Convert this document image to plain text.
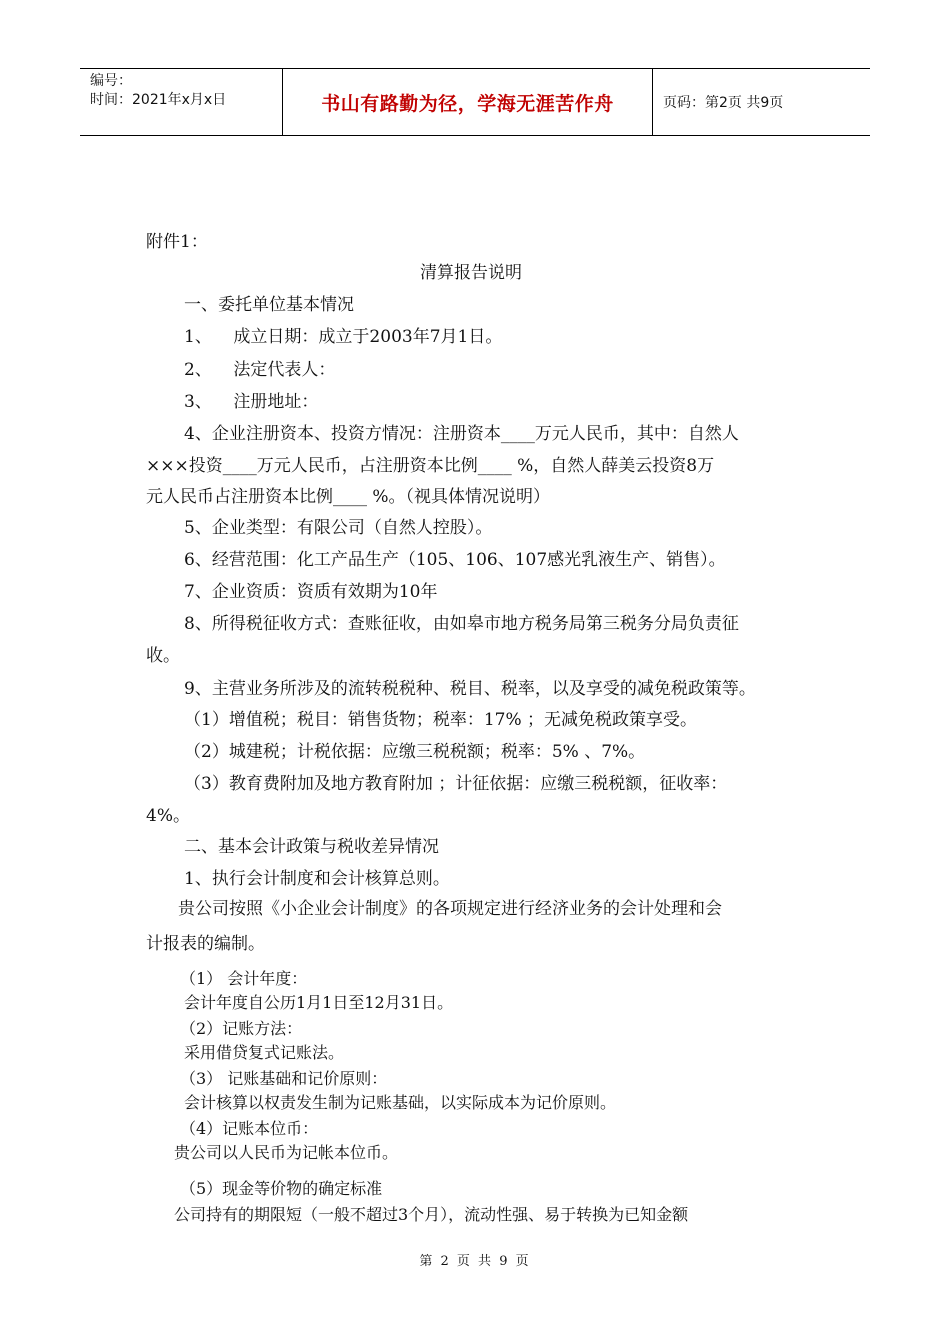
编号：
时间：2021年x月x日	书山有路勤为径，学海无涯苦作舟	页码：第2页 共9页
附件1：
清算报告说明
一、委托单位基本情况
1、    成立日期：成立于2003年7月1日。
2、    法定代表人：
3、    注册地址：
4、企业注册资本、投资方情况：注册资本____万元人民币，其中：自然人
×××投资____万元人民币，占注册资本比例____ %，自然人薛美云投资8万
元人民币占注册资本比例____ %。（视具体情况说明）
5、企业类型：有限公司（自然人控股）。
6、经营范围：化工产品生产（105、106、107感光乳液生产、销售）。
7、企业资质：资质有效期为10年
8、所得税征收方式：查账征收，由如皋市地方税务局第三税务分局负责征
收。
9、主营业务所涉及的流转税税种、税目、税率，以及享受的减免税政策等。
（1）增值税；税目：销售货物；税率：17% ；无减免税政策享受。
（2）城建税；计税依据：应缴三税税额；税率：5% 、7%。
（3）教育费附加及地方教育附加 ；计征依据：应缴三税税额，征收率：
4%。
二、基本会计政策与税收差异情况
1、执行会计制度和会计核算总则。
贵公司按照《小企业会计制度》的各项规定进行经济业务的会计处理和会
计报表的编制。
（1） 会计年度：
会计年度自公历1月1日至12月31日。
（2）记账方法：
采用借贷复式记账法。
（3） 记账基础和记价原则：
会计核算以权责发生制为记账基础，以实际成本为记价原则。
（4）记账本位币：
贵公司以人民币为记帐本位币。
（5）现金等价物的确定标准
公司持有的期限短（一般不超过3个月），流动性强、易于转换为已知金额
第 2 页 共 9 页
